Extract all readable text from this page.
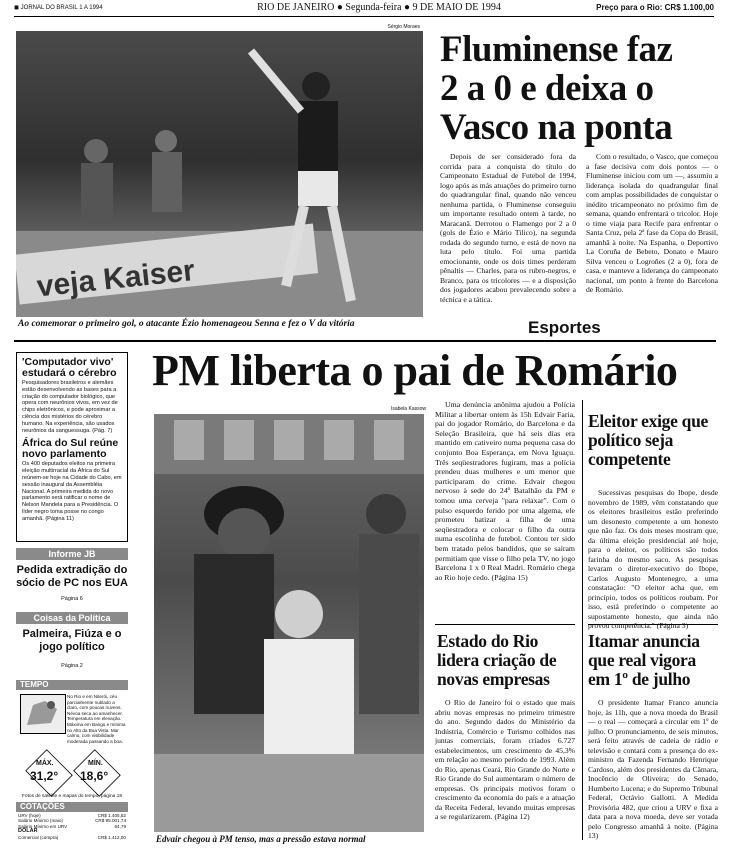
◼ JORNAL DO BRASIL 1 A 1994	RIO DE JANEIRO ● Segunda-feira ● 9 DE MAIO DE 1994	Preço para o Rio: CR$ 1.100,00
Sérgio Moraes
veja Kaiser
Ao comemorar o primeiro gol, o atacante Ézio homenageou Senna e fez o V da vitória
Fluminense faz
2 a 0 e deixa o
Vasco na ponta

Depois de ser considerado fora da corrida para a conquista do título do Campeonato Estadual de Futebol de 1994, logo após as más atuações do primeiro turno do quadrangular final, quando não venceu nenhuma partida, o Fluminense conseguiu um importante resultado ontem à tarde, no Maracanã. Derrotou o Flamengo por 2 a 0 (gols de Ézio e Mário Tilico), na segunda rodada do segundo turno, e está de novo na luta pelo título. Foi uma partida emocionante, onde os dois times perderam pênaltis — Charles, para os rubro-negros, e Branco, para os tricolores — e a disposição dos jogadores acabou prevalecendo sobre a técnica e a tática.

Com o resultado, o Vasco, que começou a fase decisiva com dois pontos — o Fluminense iniciou com um —, assumiu a liderança isolada do quadrangular final com amplas possibilidades de conquistar o inédito tricampeonato no próximo fim de semana, quando enfrentará o tricolor. Hoje o time viaja para Recife para enfrentar o Santa Cruz, pela 2ª fase da Copa do Brasil, amanhã à noite. Na Espanha, o Deportivo La Coruña de Bebeto, Donato e Mauro Silva venceu o Logroñes (2 a 0), fora de casa, e manteve a liderança do campeonato nacional, um ponto à frente do Barcelona de Romário.

Esportes
'Computador vivo' estudará o cérebro

Pesquisadores brasileiros e alemães estão desenvolvendo as bases para a criação do computador biológico, que opera com neurônios vivos, em vez de chips eletrônicos, e pode aproximar a ciência dos mistérios do cérebro humano. Na experiência, são usados neurônios da sanguessuga. (Pág. 7)

África do Sul reúne novo parlamento

Os 400 deputados eleitos na primeira eleição multirracial da África do Sul reúnem-se hoje na Cidade do Cabo, em sessão inaugural da Assembléia Nacional. A primeira medida do novo parlamento será ratificar o nome de Nelson Mandela para a Presidência. O líder negro toma posse no congo amanhã. (Página 11)

Informe JB
Pedida extradição do sócio de PC nos EUA
Página 6
Coisas da Política
Palmeira, Fiúza e o jogo político
Página 2
TEMPO
No Rio e em Niterói, céu parcialmente nublado a claro, com poucas nuvens. Névoa seca ao amanhecer. Temperatura em elevação. Máxima em Bangu e mínima no Alto da Boa Vista. Mar calmo, com visibilidade moderada passando a boa.
MÁX.
31,2°
MÍN.
18,6°
Fotos de satélite e mapas do tempo, página 18
COTAÇÕES
URV (hoje)	CR$ 1.405,52
Salário Mínimo (maio)	CR$ 95.001,74
Salário Mínimo em URV	64,79
DÓLAR
Comercial (compra)	CR$ 1.412,00
PM liberta o pai de Romário
Isabela Kassow
Edvair chegou à PM tenso, mas a pressão estava normal

Uma denúncia anônima ajudou a Polícia Militar a libertar ontem às 15h Edvair Faria, pai do jogador Romário, do Barcelona e da Seleção Brasileira, que há seis dias era mantido em cativeiro numa pequena casa do conjunto Boa Esperança, em Nova Iguaçu. Três seqüestradores fugiram, mas a polícia prendeu duas mulheres e um menor que participaram do crime. Edvair chegou nervoso à sede do 24º Batalhão da PM e tomou uma cerveja "para relaxar". Com o pulso esquerdo ferido por uma algema, ele prometeu batizar a filha de uma seqüestradora e colocar o filho da outra numa escolinha de futebol. Contou ter sido bem tratado pelos bandidos, que se saíram permitiam que visse o filho pela TV, no jogo Barcelona 1 x 0 Real Madri. Romário chega ao Rio hoje cedo. (Página 15)

Estado do Rio lidera criação de novas empresas

O Rio de Janeiro foi o estado que mais abriu novas empresas no primeiro trimestre do ano. Segundo dados do Ministério da Indústria, Comércio e Turismo colhidos nas juntas comerciais, foram criados 6.727 estabelecimentos, um crescimento de 45,3% em relação ao mesmo período de 1993. Além do Rio, apenas Ceará, Rio Grande do Norte e Rio Grande do Sul aumentaram o número de empresas. Os principais motivos foram o crescimento da economia do país e a atuação da Receita Federal, levando muitas empresas a se regularizarem. (Página 12)

Eleitor exige que político seja competente

Sucessivas pesquisas do Ibope, desde novembro de 1989, vêm constatando que os eleitores brasileiros estão preferindo um desonesto competente a um honesto que não faz. Os dois meses mostram que, da última eleição presidencial até hoje, para o eleitor, os políticos são todos farinha do mesmo saco. As pesquisas levaram o diretor-executivo do Ibope, Carlos Augusto Montenegro, a uma constatação: "O eleitor acha que, em princípio, todos os políticos roubam. Por isso, está preferindo o competente ao supostamente honesto, que ainda não provou competência." (Página 3)

Itamar anuncia que real vigora em 1º de julho

O presidente Itamar Franco anuncia hoje, às 11h, que a nova moeda do Brasil — o real — começará a circular em 1º de julho. O pronunciamento, de seis minutos, será feito através de cadeia de rádio e televisão e contará com a presença do ex-ministro da Fazenda Fernando Henrique Cardoso, além dos presidentes da Câmara, Inocêncio de Oliveira; do Senado, Humberto Lucena; e do Supremo Tribunal Federal, Octávio Gallotti. A Medida Provisória 482, que criou a URV e fixa a data para a nova moeda, deve ser votada pelo Congresso amanhã à noite. (Página 13)
